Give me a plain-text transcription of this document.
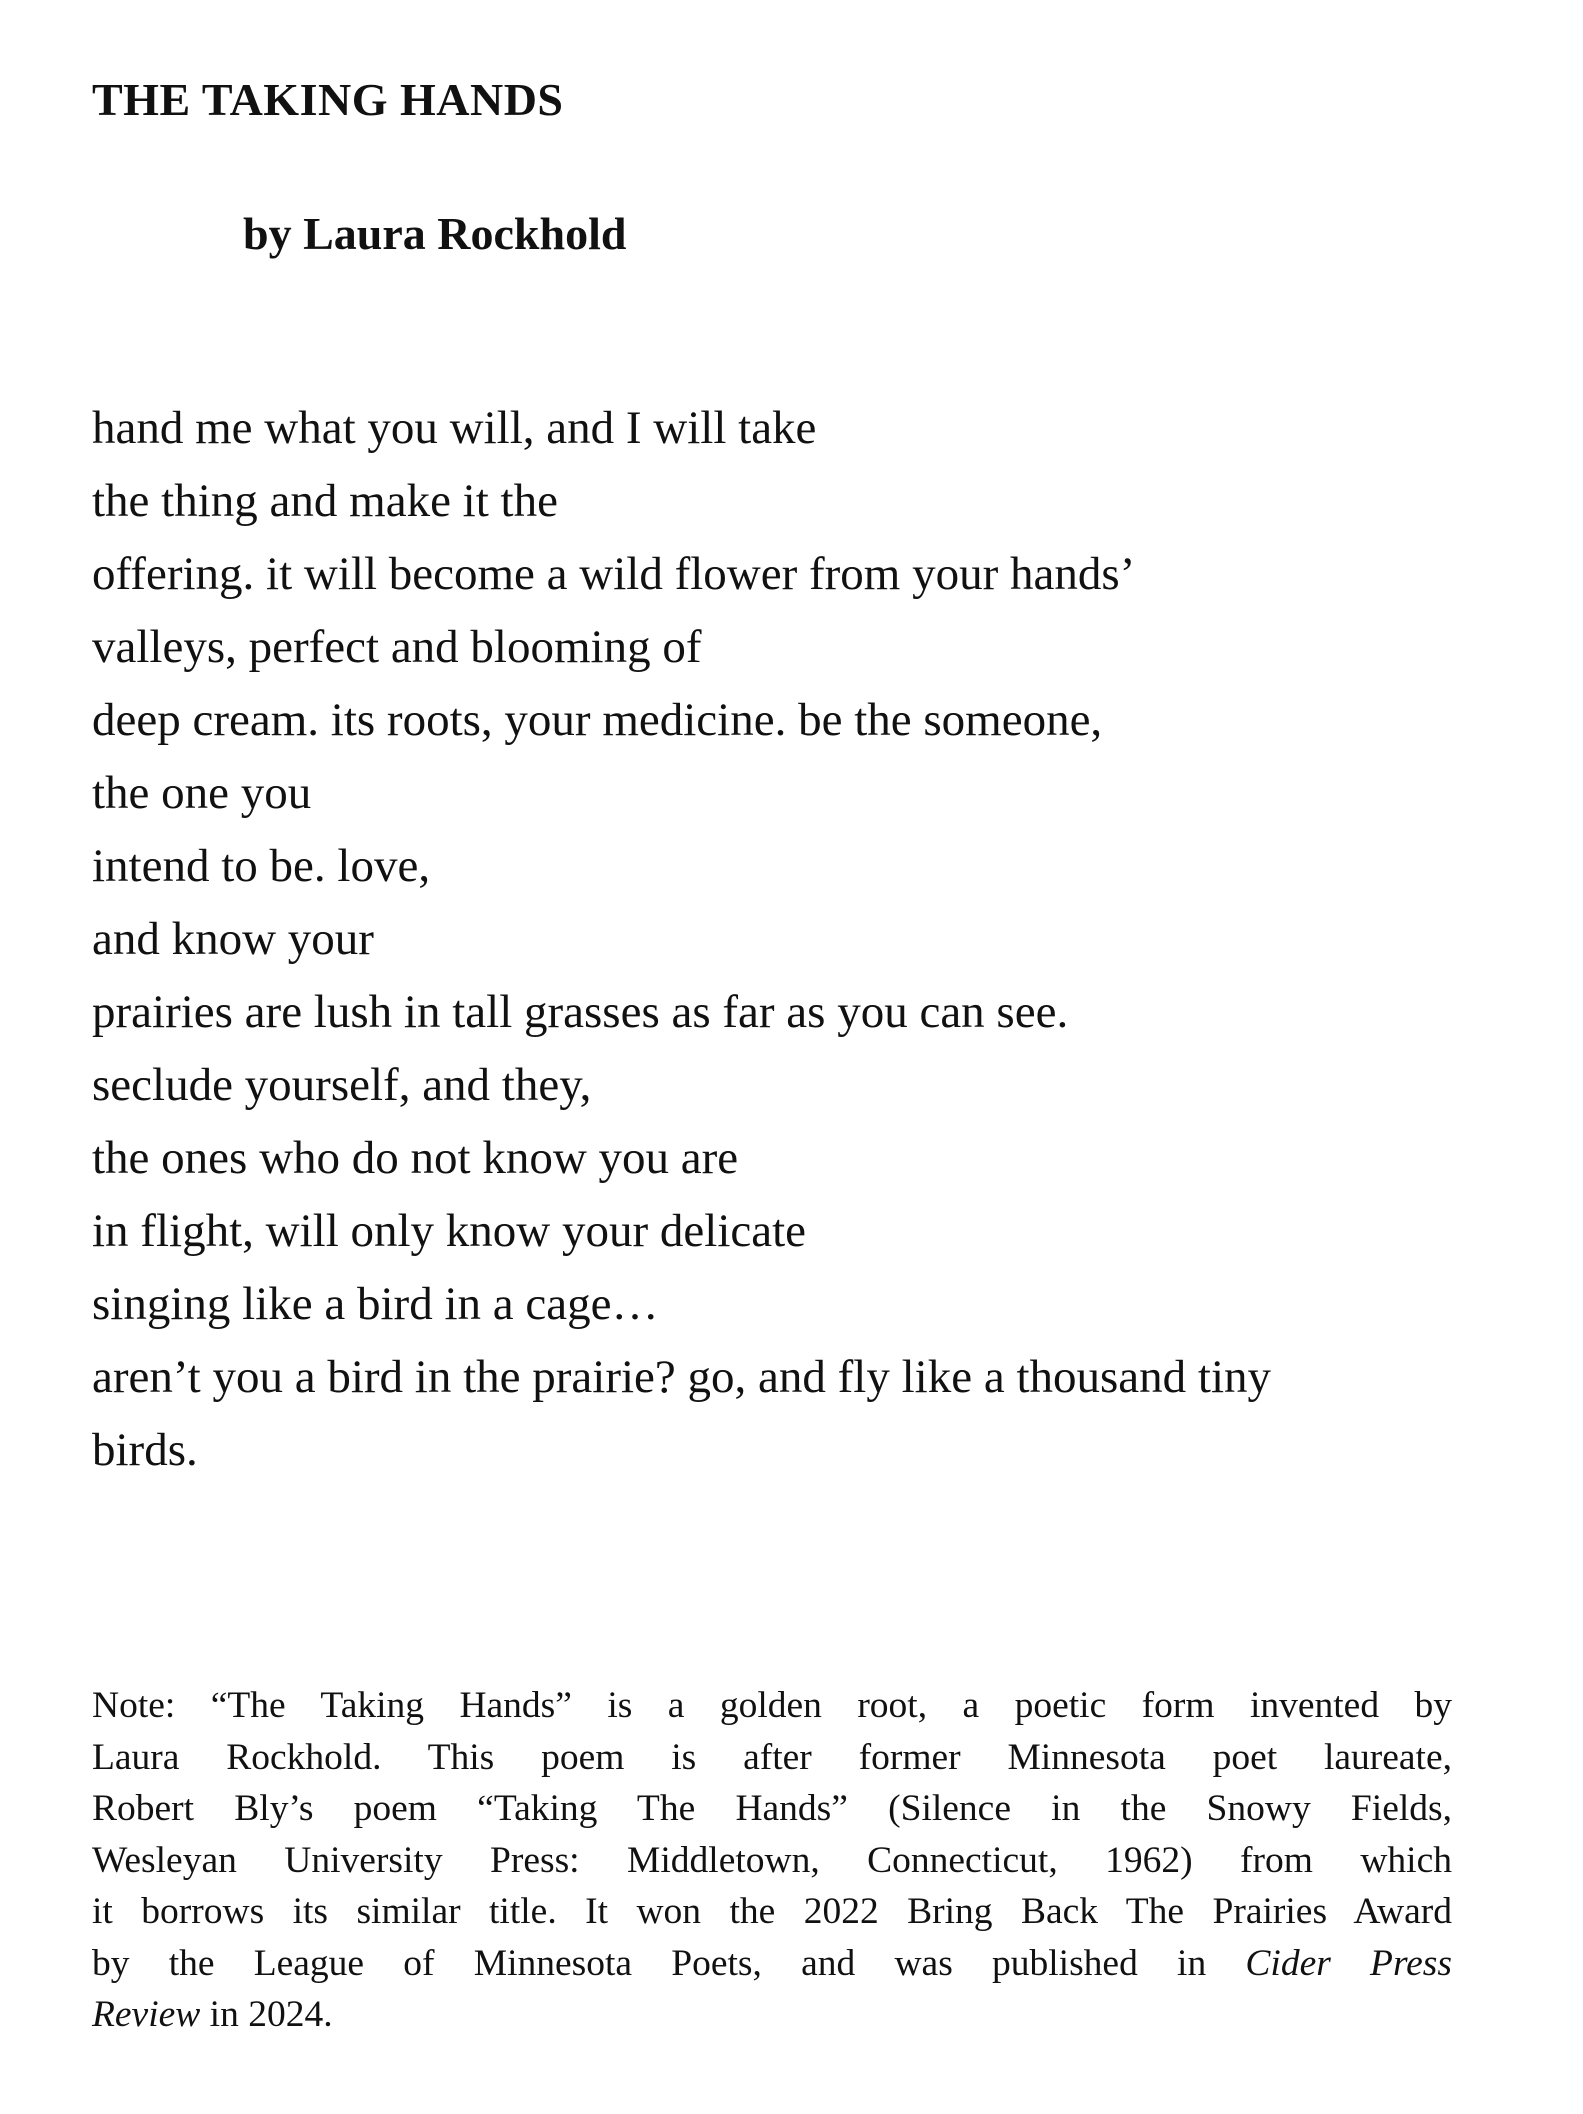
THE TAKING HANDS
by Laura Rockhold
hand me what you will, and I will take
the thing and make it the
offering. it will become a wild flower from your hands’
valleys, perfect and blooming of
deep cream. its roots, your medicine. be the someone,
the one you
intend to be. love,
and know your
prairies are lush in tall grasses as far as you can see.
seclude yourself, and they,
the ones who do not know you are
in flight, will only know your delicate
singing like a bird in a cage…
aren’t you a bird in the prairie? go, and fly like a thousand tiny
birds.
Note: “The Taking Hands” is a golden root, a poetic form invented by
Laura Rockhold. This poem is after former Minnesota poet laureate,
Robert Bly’s poem “Taking The Hands” (Silence in the Snowy Fields,
Wesleyan University Press: Middletown, Connecticut, 1962) from which
it borrows its similar title. It won the 2022 Bring Back The Prairies Award
by the League of Minnesota Poets, and was published in Cider Press
Review in 2024.
